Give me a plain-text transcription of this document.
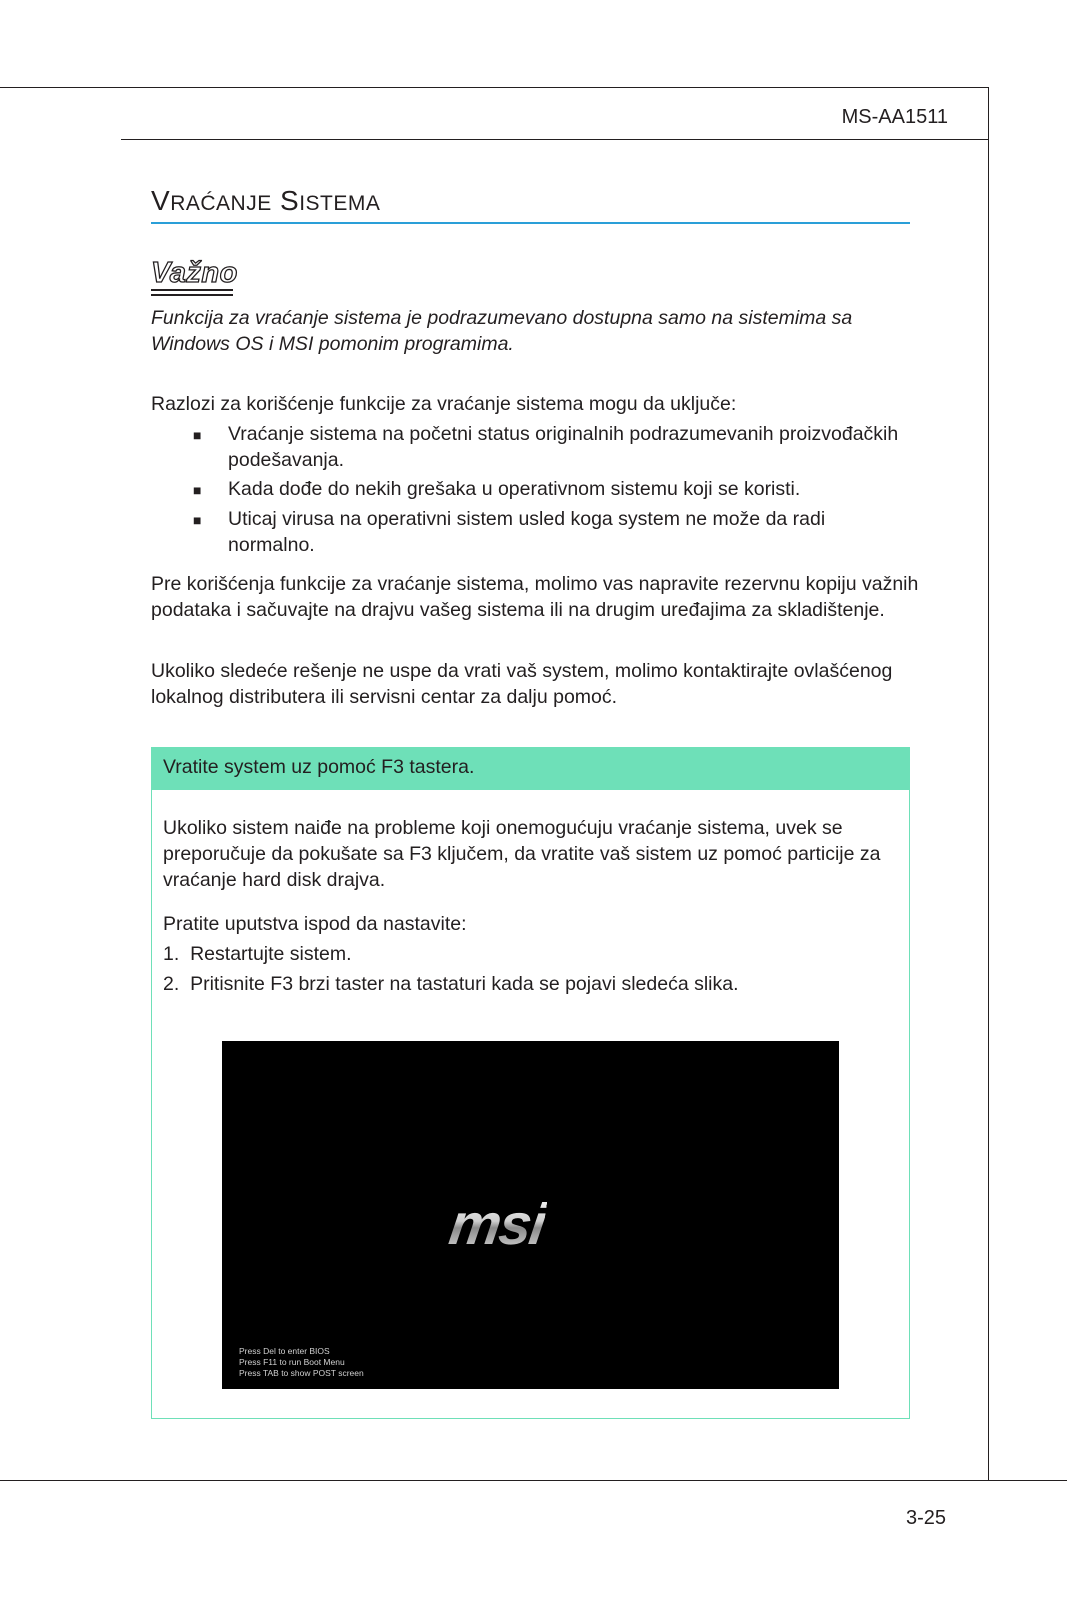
MS-AA1511
VRAĆANJE SISTEMA
Važno
Funkcija za vraćanje sistema je podrazumevano dostupna samo na sistemima sa Windows OS i MSI pomonim programima.
Razlozi za korišćenje funkcije za vraćanje sistema mogu da uključe:
■ Vraćanje sistema na početni status originalnih podrazumevanih proizvođačkih podešavanja.
■ Kada dođe do nekih grešaka u operativnom sistemu koji se koristi.
■ Uticaj virusa na operativni sistem usled koga system ne može da radi normalno.
Pre korišćenja funkcije za vraćanje sistema, molimo vas napravite rezervnu kopiju važnih podataka i sačuvajte na drajvu vašeg sistema ili na drugim uređajima za skladištenje.
Ukoliko sledeće rešenje ne uspe da vrati vaš system, molimo kontaktirajte ovlašćenog lokalnog distributera ili servisni centar za dalju pomoć.
Vratite system uz pomoć F3 tastera.
Ukoliko sistem naiđe na probleme koji onemogućuju vraćanje sistema, uvek se preporučuje da pokušate sa F3 ključem, da vratite vaš sistem uz pomoć particije za vraćanje hard disk drajva.
Pratite uputstva ispod da nastavite:
1.  Restartujte sistem.
2.  Pritisnite F3 brzi taster na tastaturi kada se pojavi sledeća slika.
msi
Press Del to enter BIOS
Press F11 to run Boot Menu
Press TAB to show POST screen
3-25
